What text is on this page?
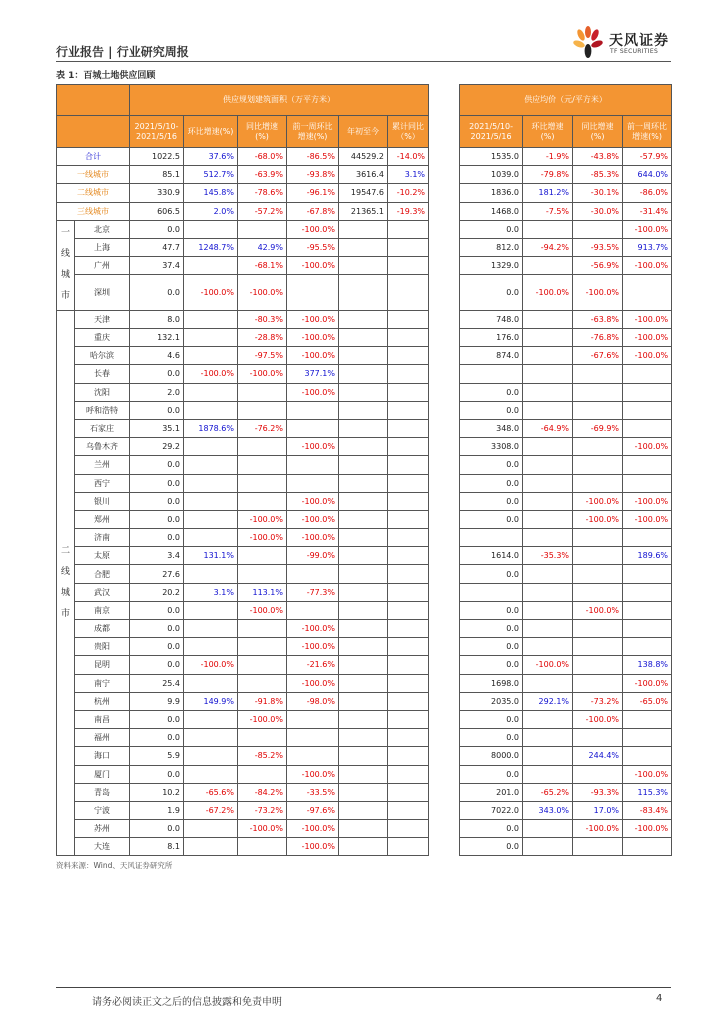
行业报告 | 行业研究周报
天风证券
TF SECURITIES
表 1：百城土地供应回顾
		供应规划建筑面积（万平方米）							供应均价（元/平方米）			
		2021/5/10-2021/5/16	环比增速(%)	同比增速(%)	前一周环比增速(%)	年初至今	累计同比（%）		2021/5/10-2021/5/16	环比增速(%)	同比增速(%)	前一周环比增速(%)
合计		1022.5	37.6%	-68.0%	-86.5%	44529.2	-14.0%		1535.0	-1.9%	-43.8%	-57.9%
一线城市		85.1	512.7%	-63.9%	-93.8%	3616.4	3.1%		1039.0	-79.8%	-85.3%	644.0%
二线城市		330.9	145.8%	-78.6%	-96.1%	19547.6	-10.2%		1836.0	181.2%	-30.1%	-86.0%
三线城市		606.5	2.0%	-57.2%	-67.8%	21365.1	-19.3%		1468.0	-7.5%	-30.0%	-31.4%

一
线
城
市	北京	0.0			-100.0%				0.0			-100.0%
	上海	47.7	1248.7%	42.9%	-95.5%				812.0	-94.2%	-93.5%	913.7%
	广州	37.4		-68.1%	-100.0%				1329.0		-56.9%	-100.0%
	深圳	0.0	-100.0%	-100.0%					0.0	-100.0%	-100.0%	

二
线
城
市	天津	8.0		-80.3%	-100.0%				748.0		-63.8%	-100.0%
	重庆	132.1		-28.8%	-100.0%				176.0		-76.8%	-100.0%
	哈尔滨	4.6		-97.5%	-100.0%				874.0		-67.6%	-100.0%
	长春	0.0	-100.0%	-100.0%	377.1%							
	沈阳	2.0			-100.0%				0.0			
	呼和浩特	0.0							0.0			
	石家庄	35.1	1878.6%	-76.2%					348.0	-64.9%	-69.9%	
	乌鲁木齐	29.2			-100.0%				3308.0			-100.0%
	兰州	0.0							0.0			
	西宁	0.0							0.0			
	银川	0.0			-100.0%				0.0		-100.0%	-100.0%
	郑州	0.0		-100.0%	-100.0%				0.0		-100.0%	-100.0%
	济南	0.0		-100.0%	-100.0%							
	太原	3.4	131.1%		-99.0%				1614.0	-35.3%		189.6%
	合肥	27.6							0.0			
	武汉	20.2	3.1%	113.1%	-77.3%							
	南京	0.0		-100.0%					0.0		-100.0%	
	成都	0.0			-100.0%				0.0			
	贵阳	0.0			-100.0%				0.0			
	昆明	0.0	-100.0%		-21.6%				0.0	-100.0%		138.8%
	南宁	25.4			-100.0%				1698.0			-100.0%
	杭州	9.9	149.9%	-91.8%	-98.0%				2035.0	292.1%	-73.2%	-65.0%
	南昌	0.0		-100.0%					0.0		-100.0%	
	福州	0.0							0.0			
	海口	5.9		-85.2%					8000.0		244.4%	
	厦门	0.0			-100.0%				0.0			-100.0%
	青岛	10.2	-65.6%	-84.2%	-33.5%				201.0	-65.2%	-93.3%	115.3%
	宁波	1.9	-67.2%	-73.2%	-97.6%				7022.0	343.0%	17.0%	-83.4%
	苏州	0.0		-100.0%	-100.0%				0.0		-100.0%	-100.0%
	大连	8.1			-100.0%				0.0			
资料来源：Wind、天风证券研究所
请务必阅读正文之后的信息披露和免责申明	4
